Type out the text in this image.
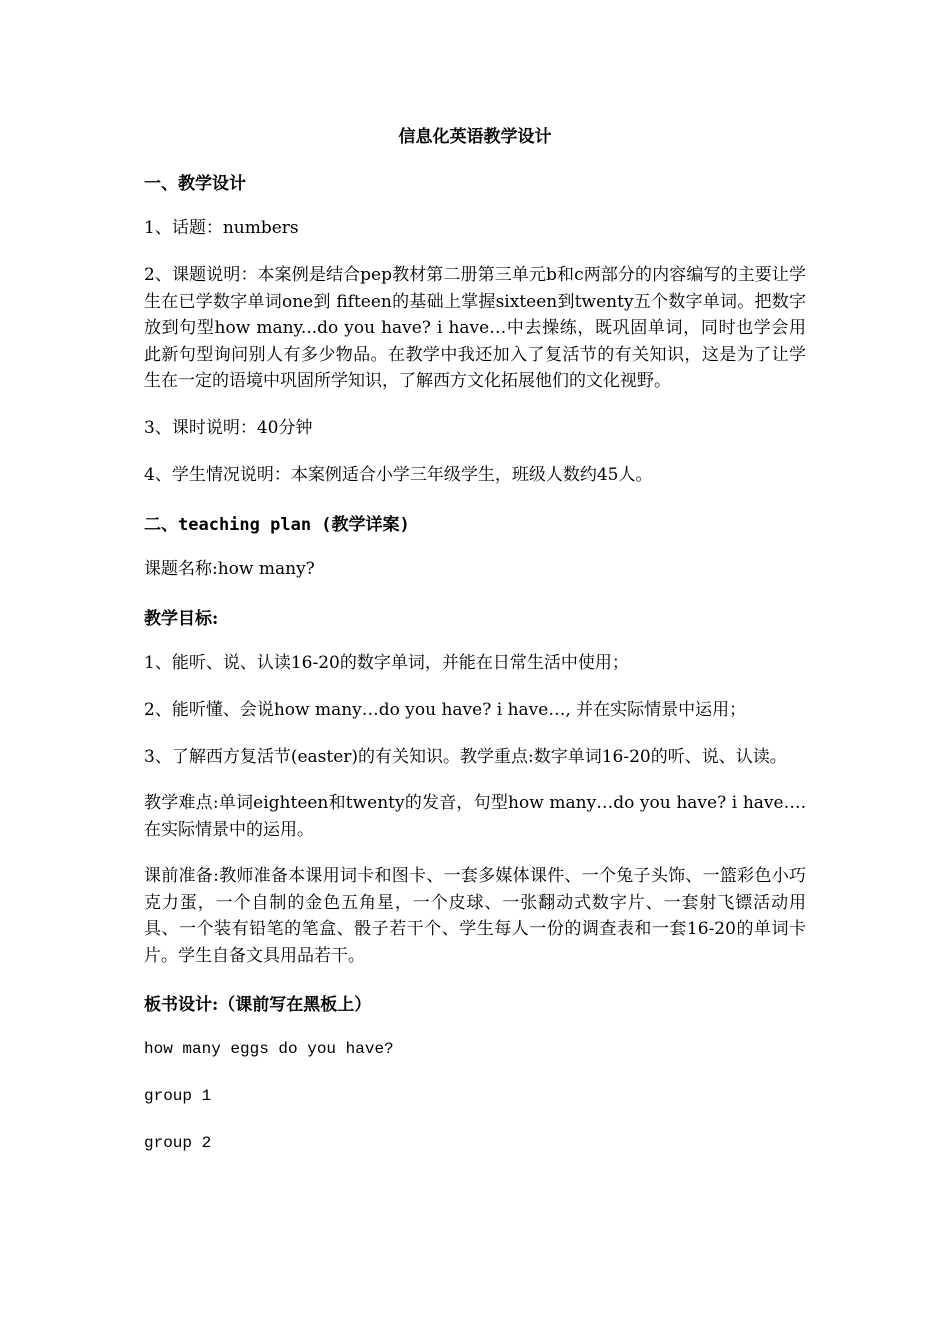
信息化英语教学设计
一、教学设计
1、话题：numbers
2、课题说明：本案例是结合pep教材第二册第三单元b和c两部分的内容编写的主要让学生在已学数字单词one到 fifteen的基础上掌握sixteen到twenty五个数字单词。把数字放到句型how many...do you have? i have…中去操练，既巩固单词，同时也学会用此新句型询问别人有多少物品。在教学中我还加入了复活节的有关知识，这是为了让学生在一定的语境中巩固所学知识，了解西方文化拓展他们的文化视野。
3、课时说明：40分钟
4、学生情况说明：本案例适合小学三年级学生，班级人数约45人。
二、teaching plan (教学详案)
课题名称:how many?
教学目标:
1、能听、说、认读16-20的数字单词，并能在日常生活中使用；
2、能听懂、会说how many…do you have? i have…, 并在实际情景中运用；
3、了解西方复活节(easter)的有关知识。教学重点:数字单词16-20的听、说、认读。
教学难点:单词eighteen和twenty的发音，句型how many…do you have? i have….在实际情景中的运用。
课前准备:教师准备本课用词卡和图卡、一套多媒体课件、一个兔子头饰、一篮彩色小巧克力蛋，一个自制的金色五角星，一个皮球、一张翻动式数字片、一套射飞镖活动用具、一个装有铅笔的笔盒、骰子若干个、学生每人一份的调查表和一套16-20的单词卡片。学生自备文具用品若干。
板书设计:（课前写在黑板上）
how many eggs do you have?
group 1
group 2
